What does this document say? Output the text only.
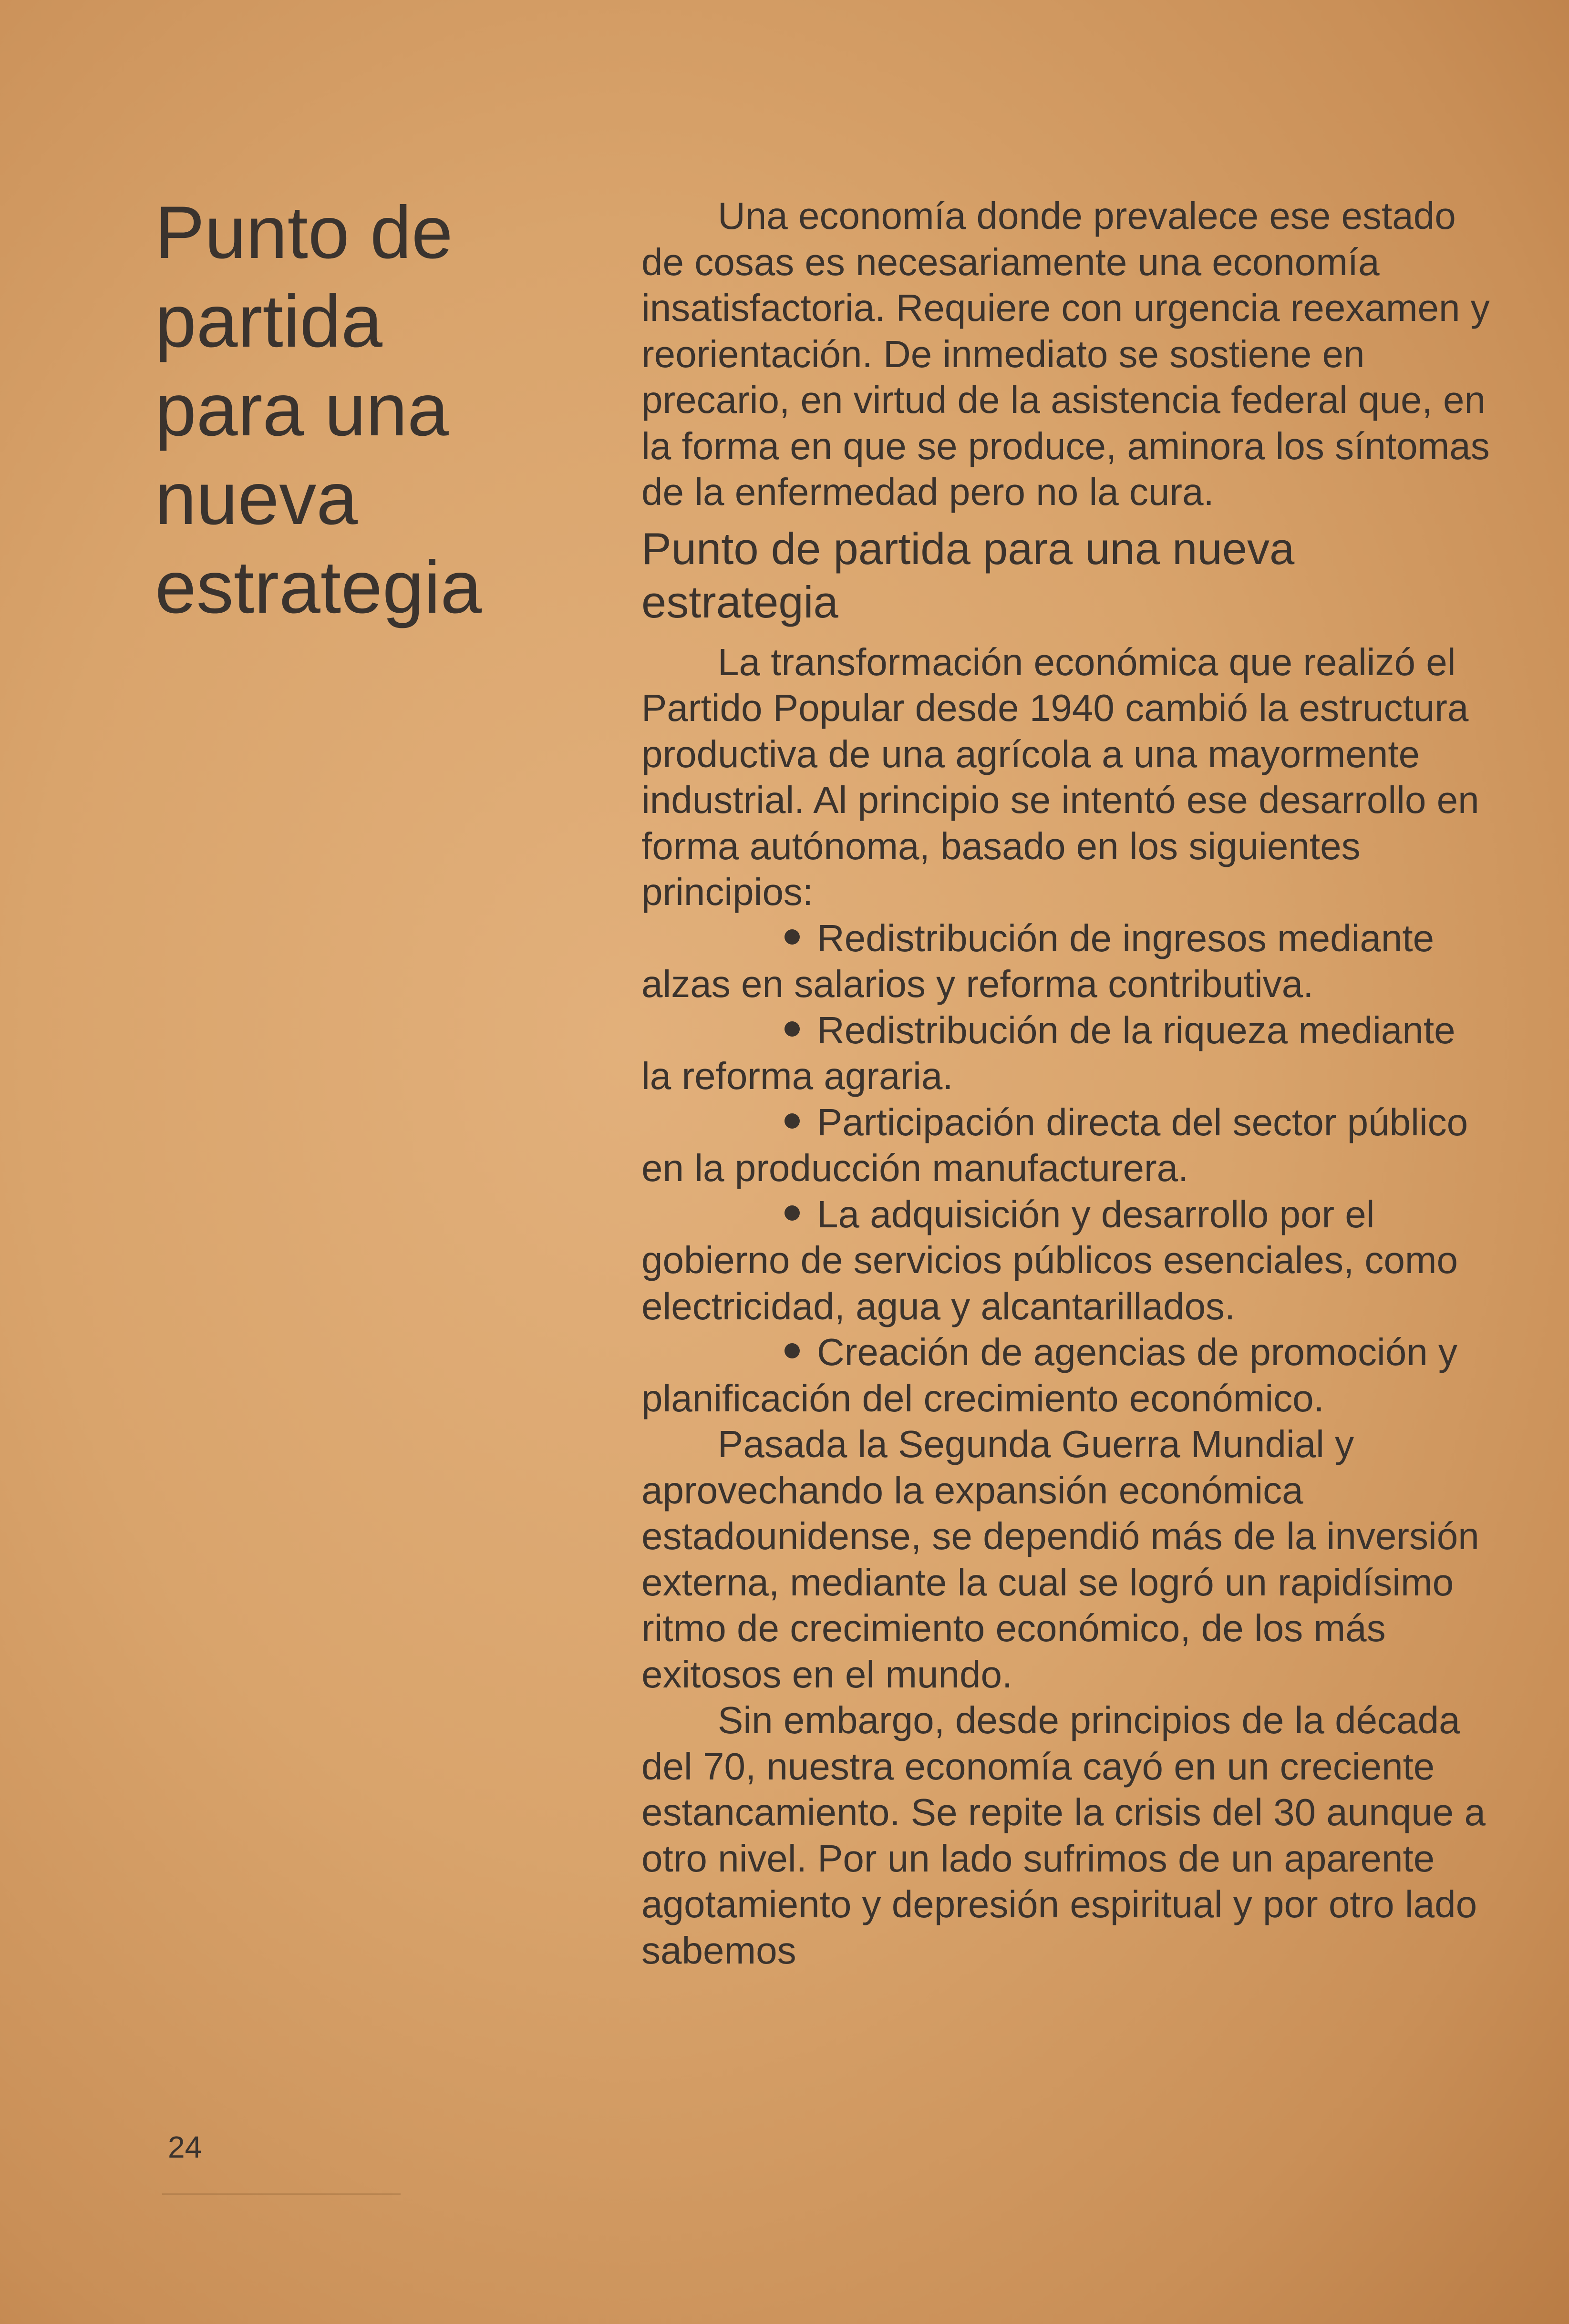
Punto de
partida
para una
nueva
estrategia

Una economía donde prevalece ese estado de cosas es necesariamente una economía insatisfactoria. Requiere con urgencia reexamen y reorientación. De inmediato se sostiene en precario, en virtud de la asistencia federal que, en la forma en que se produce, aminora los síntomas de la enfermedad pero no la cura.

Punto de partida para una nueva estrategia

La transformación económica que realizó el Partido Popular desde 1940 cambió la estructura productiva de una agrícola a una mayormente industrial. Al principio se intentó ese desarrollo en forma autónoma, basado en los siguientes principios:

Redistribución de ingresos mediante alzas en salarios y reforma contributiva.

Redistribución de la riqueza mediante la reforma agraria.

Participación directa del sector público en la producción manufacturera.

La adquisición y desarrollo por el gobierno de servicios públicos esenciales, como electricidad, agua y alcantarillados.

Creación de agencias de promoción y planificación del crecimiento económico.

Pasada la Segunda Guerra Mundial y aprovechando la expansión económica estadounidense, se dependió más de la inversión externa, mediante la cual se logró un rapidísimo ritmo de crecimiento económico, de los más exitosos en el mundo.

Sin embargo, desde principios de la década del 70, nuestra economía cayó en un creciente estancamiento. Se repite la crisis del 30 aunque a otro nivel. Por un lado sufrimos de un aparente agotamiento y depresión espiritual y por otro lado sabemos

24
